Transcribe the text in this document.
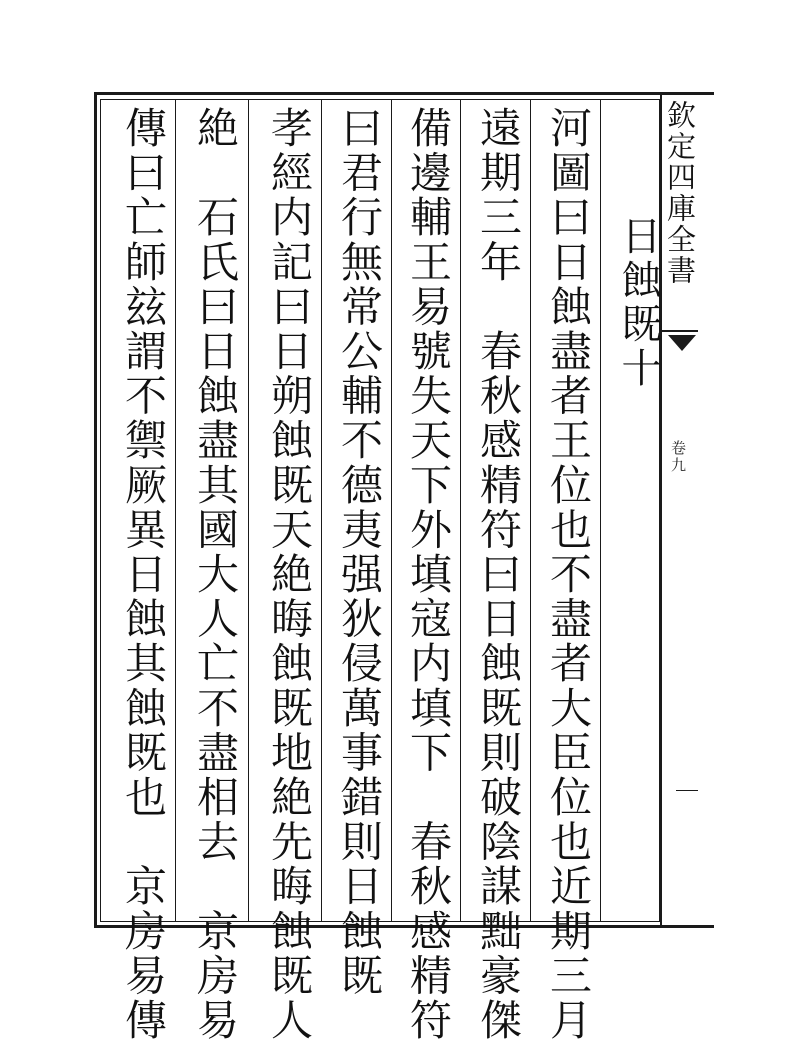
欽定四庫全書
卷九
日蝕既十
河圖曰日蝕盡者王位也不盡者大臣位也近期三月
遠期三年　春秋感精符曰日蝕既則破陰謀黜豪傑
備邊輔王易號失天下外填寇内填下　春秋感精符
曰君行無常公輔不德夷强狄侵萬事錯則日蝕既
孝經内記曰日朔蝕既天絶晦蝕既地絶先晦蝕既人
絶　石氏曰日蝕盡其國大人亡不盡相去　京房易
傳曰亡師玆謂不禦厥異日蝕其蝕既也　京房易傳
